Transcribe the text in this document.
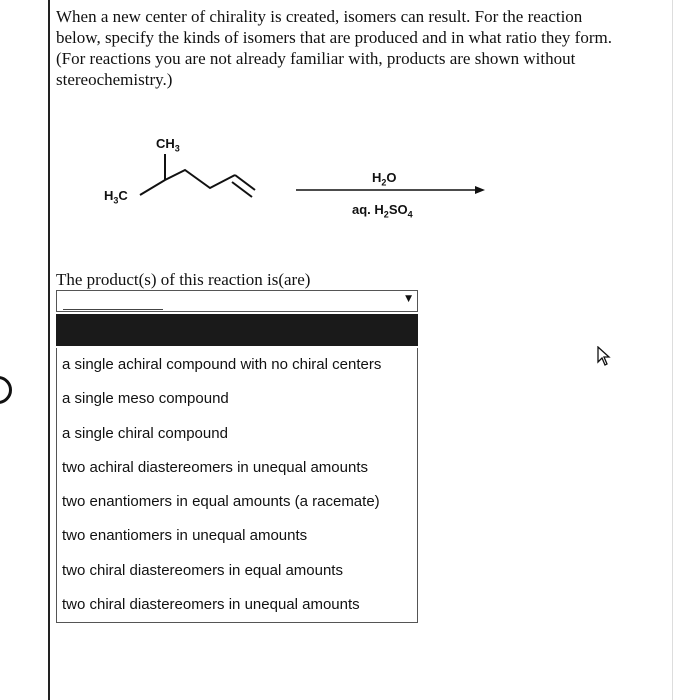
When a new center of chirality is created, isomers can result. For the reaction below, specify the kinds of isomers that are produced and in what ratio they form. (For reactions you are not already familiar with, products are shown without stereochemistry.)
$CH_3$
$H_3C$
$H_2O$
aq. $H_2SO_4$
The product(s) of this reaction is(are)
▼
a single achiral compound with no chiral centers
a single meso compound
a single chiral compound
two achiral diastereomers in unequal amounts
two enantiomers in equal amounts (a racemate)
two enantiomers in unequal amounts
two chiral diastereomers in equal amounts
two chiral diastereomers in unequal amounts
